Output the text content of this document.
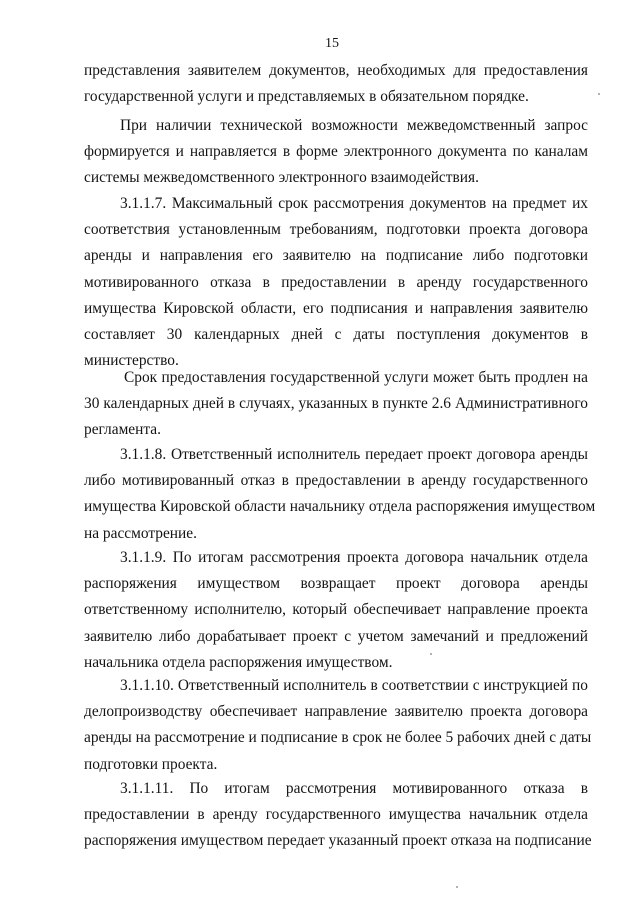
15
представления заявителем документов, необходимых для предоставления
государственной услуги и представляемых в обязательном порядке.
При наличии технической возможности межведомственный запрос
формируется и направляется в форме электронного документа по каналам
системы межведомственного электронного взаимодействия.
3.1.1.7. Максимальный срок рассмотрения документов на предмет их
соответствия установленным требованиям, подготовки проекта договора
аренды и направления его заявителю на подписание либо подготовки
мотивированного отказа в предоставлении в аренду государственного
имущества Кировской области, его подписания и направления заявителю
составляет 30 календарных дней с даты поступления документов в
министерство.
Срок предоставления государственной услуги может быть продлен на
30 календарных дней в случаях, указанных в пункте 2.6 Административного
регламента.
3.1.1.8. Ответственный исполнитель передает проект договора аренды
либо мотивированный отказ в предоставлении в аренду государственного
имущества Кировской области начальнику отдела распоряжения имуществом
на рассмотрение.
3.1.1.9. По итогам рассмотрения проекта договора начальник отдела
распоряжения имуществом возвращает проект договора аренды
ответственному исполнителю, который обеспечивает направление проекта
заявителю либо дорабатывает проект с учетом замечаний и предложений
начальника отдела распоряжения имуществом.
3.1.1.10. Ответственный исполнитель в соответствии с инструкцией по
делопроизводству обеспечивает направление заявителю проекта договора
аренды на рассмотрение и подписание в срок не более 5 рабочих дней с даты
подготовки проекта.
3.1.1.11. По итогам рассмотрения мотивированного отказа в
предоставлении в аренду государственного имущества начальник отдела
распоряжения имуществом передает указанный проект отказа на подписание
